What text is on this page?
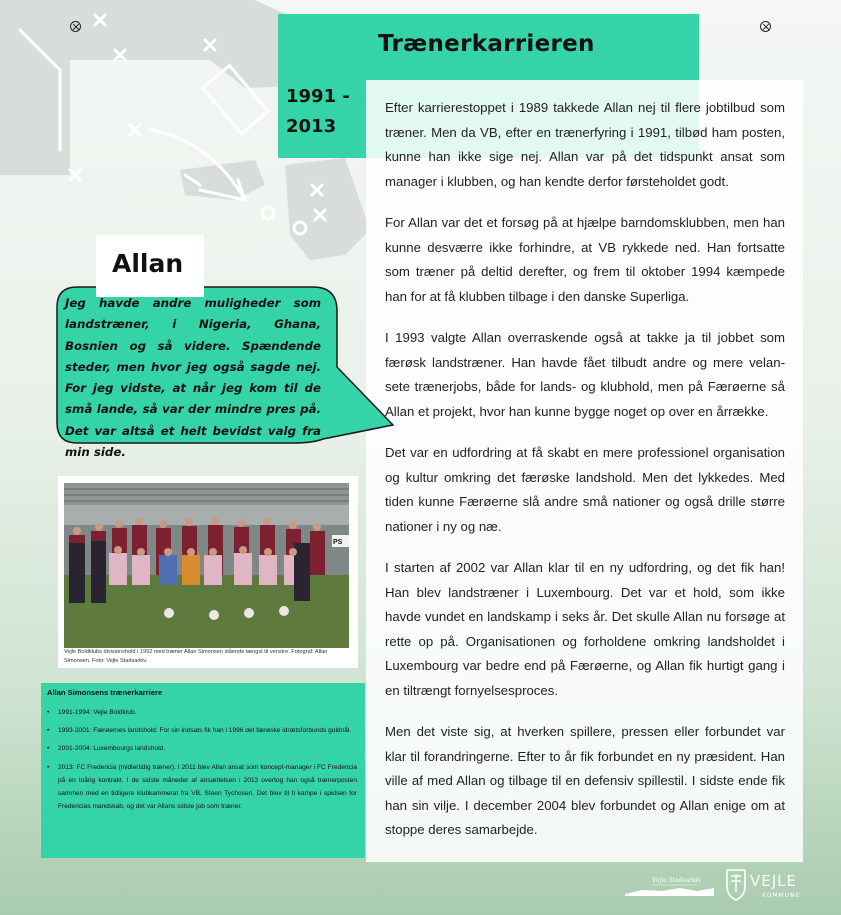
Trænerkarrieren
1991 -
2013

Efter karrierestoppet i 1989 takkede Allan nej til flere jobtilbud som træner. Men da VB, efter en trænerfyring i 1991, tilbød ham posten, kunne han ikke sige nej. Allan var på det tidspunkt ansat som manager i klubben, og han kendte derfor førsteholdet godt.

For Allan var det et forsøg på at hjælpe barndomsklubben, men han kunne desværre ikke forhindre, at VB rykkede ned. Han fortsatte som træner på deltid derefter, og frem til oktober 1994 kæmpede han for at få klubben tilbage i den danske Superliga.

I 1993 valgte Allan overraskende også at takke ja til jobbet som færøsk landstræner. Han havde fået tilbudt andre og mere velan-sete trænerjobs, både for lands- og klubhold, men på Færøerne så Allan et projekt, hvor han kunne bygge noget op over en årrække.

Det var en udfordring at få skabt en mere professionel organisation og kultur omkring det færøske landshold. Men det lykkedes. Med tiden kunne Færøerne slå andre små nationer og også drille større nationer i ny og næ.

I starten af 2002 var Allan klar til en ny udfordring, og det fik han! Han blev landstræner i Luxembourg. Det var et hold, som ikke havde vundet en landskamp i seks år. Det skulle Allan nu forsøge at rette op på. Organisationen og forholdene omkring landsholdet i Luxembourg var bedre end på Færøerne, og Allan fik hurtigt gang i en tiltrængt fornyelsesproces.

Men det viste sig, at hverken spillere, pressen eller forbundet var klar til forandringerne. Efter to år fik forbundet en ny præsident. Han ville af med Allan og tilbage til en defensiv spillestil. I sidste ende fik han sin vilje. I december 2004 blev forbundet og Allan enige om at stoppe deres samarbejde.

Allan
Jeg havde andre muligheder som landstræner, i Nigeria, Ghana, Bosnien og så videre. Spændende steder, men hvor jeg også sagde nej. For jeg vidste, at når jeg kom til de små lande, så var der mindre pres på. Det var altså et helt bevidst valg fra min side.
PS
Vejle Boldklubs divisionshold i 1992 med træner Allan Simonsen stående længst til venstre. Fotograf: Allan Simonsen. Foto: Vejle Stadsarkiv.
Allan Simonsens trænerkarriere
• 1991-1994: Vejle Boldklub.
• 1993-2001: Færøernes landshold. For sin indsats fik han i 1996 det færøske idrætsforbunds guldnål.
• 2001-2004: Luxembourgs landshold.
• 2013: FC Fredericia (midlertidig træner). I 2011 blev Allan ansat som koncept-manager i FC Fredericia på en toårig kontrakt. I de sidste måneder af ansættelsen i 2013 overtog han også trænerposten sammen med en tidligere klubkammerat fra VB, Steen Tychosen. Det blev til ti kampe i spidsen for Fredericias mandskab, og det var Allans sidste job som træner.
Vejle Stadsarkiv	VEJLE
KOMMUNE
